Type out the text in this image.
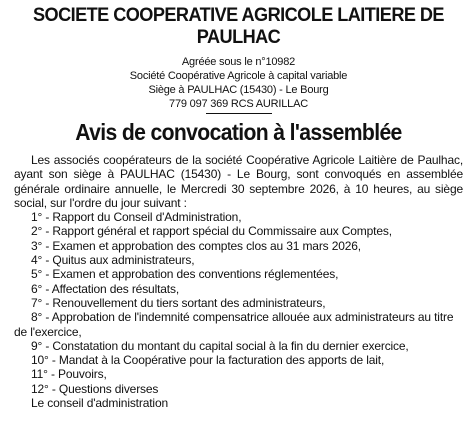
SOCIETE COOPERATIVE AGRICOLE LAITIERE DE PAULHAC
Agréée sous le n°10982
Société Coopérative Agricole à capital variable
Siège à PAULHAC (15430) - Le Bourg
779 097 369 RCS AURILLAC
Avis de convocation à l'assemblée

Les associés coopérateurs de la société Coopérative Agricole Laitière de Paulhac, ayant son siège à PAULHAC (15430) - Le Bourg, sont convoqués en assemblée générale ordinaire annuelle, le Mercredi 30 septembre 2026, à 10 heures, au siège social, sur l'ordre du jour suivant :

1° - Rapport du Conseil d'Administration,
2° - Rapport général et rapport spécial du Commissaire aux Comptes,
3° - Examen et approbation des comptes clos au 31 mars 2026,
4° - Quitus aux administrateurs,
5° - Examen et approbation des conventions réglementées,
6° - Affectation des résultats,
7° - Renouvellement du tiers sortant des administrateurs,
8° - Approbation de l'indemnité compensatrice allouée aux administrateurs au titre de l'exercice,
9° - Constatation du montant du capital social à la fin du dernier exercice,
10° - Mandat à la Coopérative pour la facturation des apports de lait,
11° - Pouvoirs,
12° - Questions diverses

Le conseil d'administration
